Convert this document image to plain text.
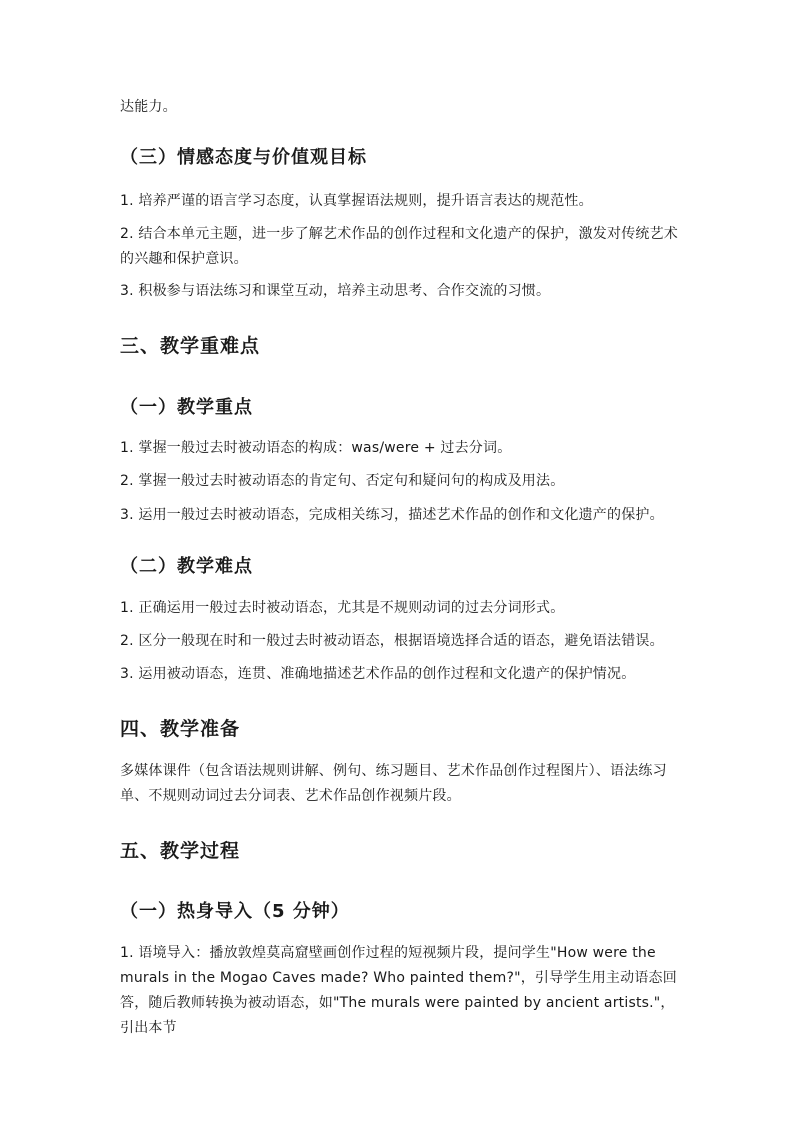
达能力。

（三）情感态度与价值观目标

1. 培养严谨的语言学习态度，认真掌握语法规则，提升语言表达的规范性。

2. 结合本单元主题，进一步了解艺术作品的创作过程和文化遗产的保护，激发对传统艺术的兴趣和保护意识。

3. 积极参与语法练习和课堂互动，培养主动思考、合作交流的习惯。

三、教学重难点
（一）教学重点

1. 掌握一般过去时被动语态的构成：was/were + 过去分词。

2. 掌握一般过去时被动语态的肯定句、否定句和疑问句的构成及用法。

3. 运用一般过去时被动语态，完成相关练习，描述艺术作品的创作和文化遗产的保护。

（二）教学难点

1. 正确运用一般过去时被动语态，尤其是不规则动词的过去分词形式。

2. 区分一般现在时和一般过去时被动语态，根据语境选择合适的语态，避免语法错误。

3. 运用被动语态，连贯、准确地描述艺术作品的创作过程和文化遗产的保护情况。

四、教学准备

多媒体课件（包含语法规则讲解、例句、练习题目、艺术作品创作过程图片）、语法练习单、不规则动词过去分词表、艺术作品创作视频片段。

五、教学过程
（一）热身导入（5 分钟）

1. 语境导入：播放敦煌莫高窟壁画创作过程的短视频片段，提问学生"How were the murals in the Mogao Caves made? Who painted them?"，引导学生用主动语态回答，随后教师转换为被动语态，如"The murals were painted by ancient artists."，引出本节
